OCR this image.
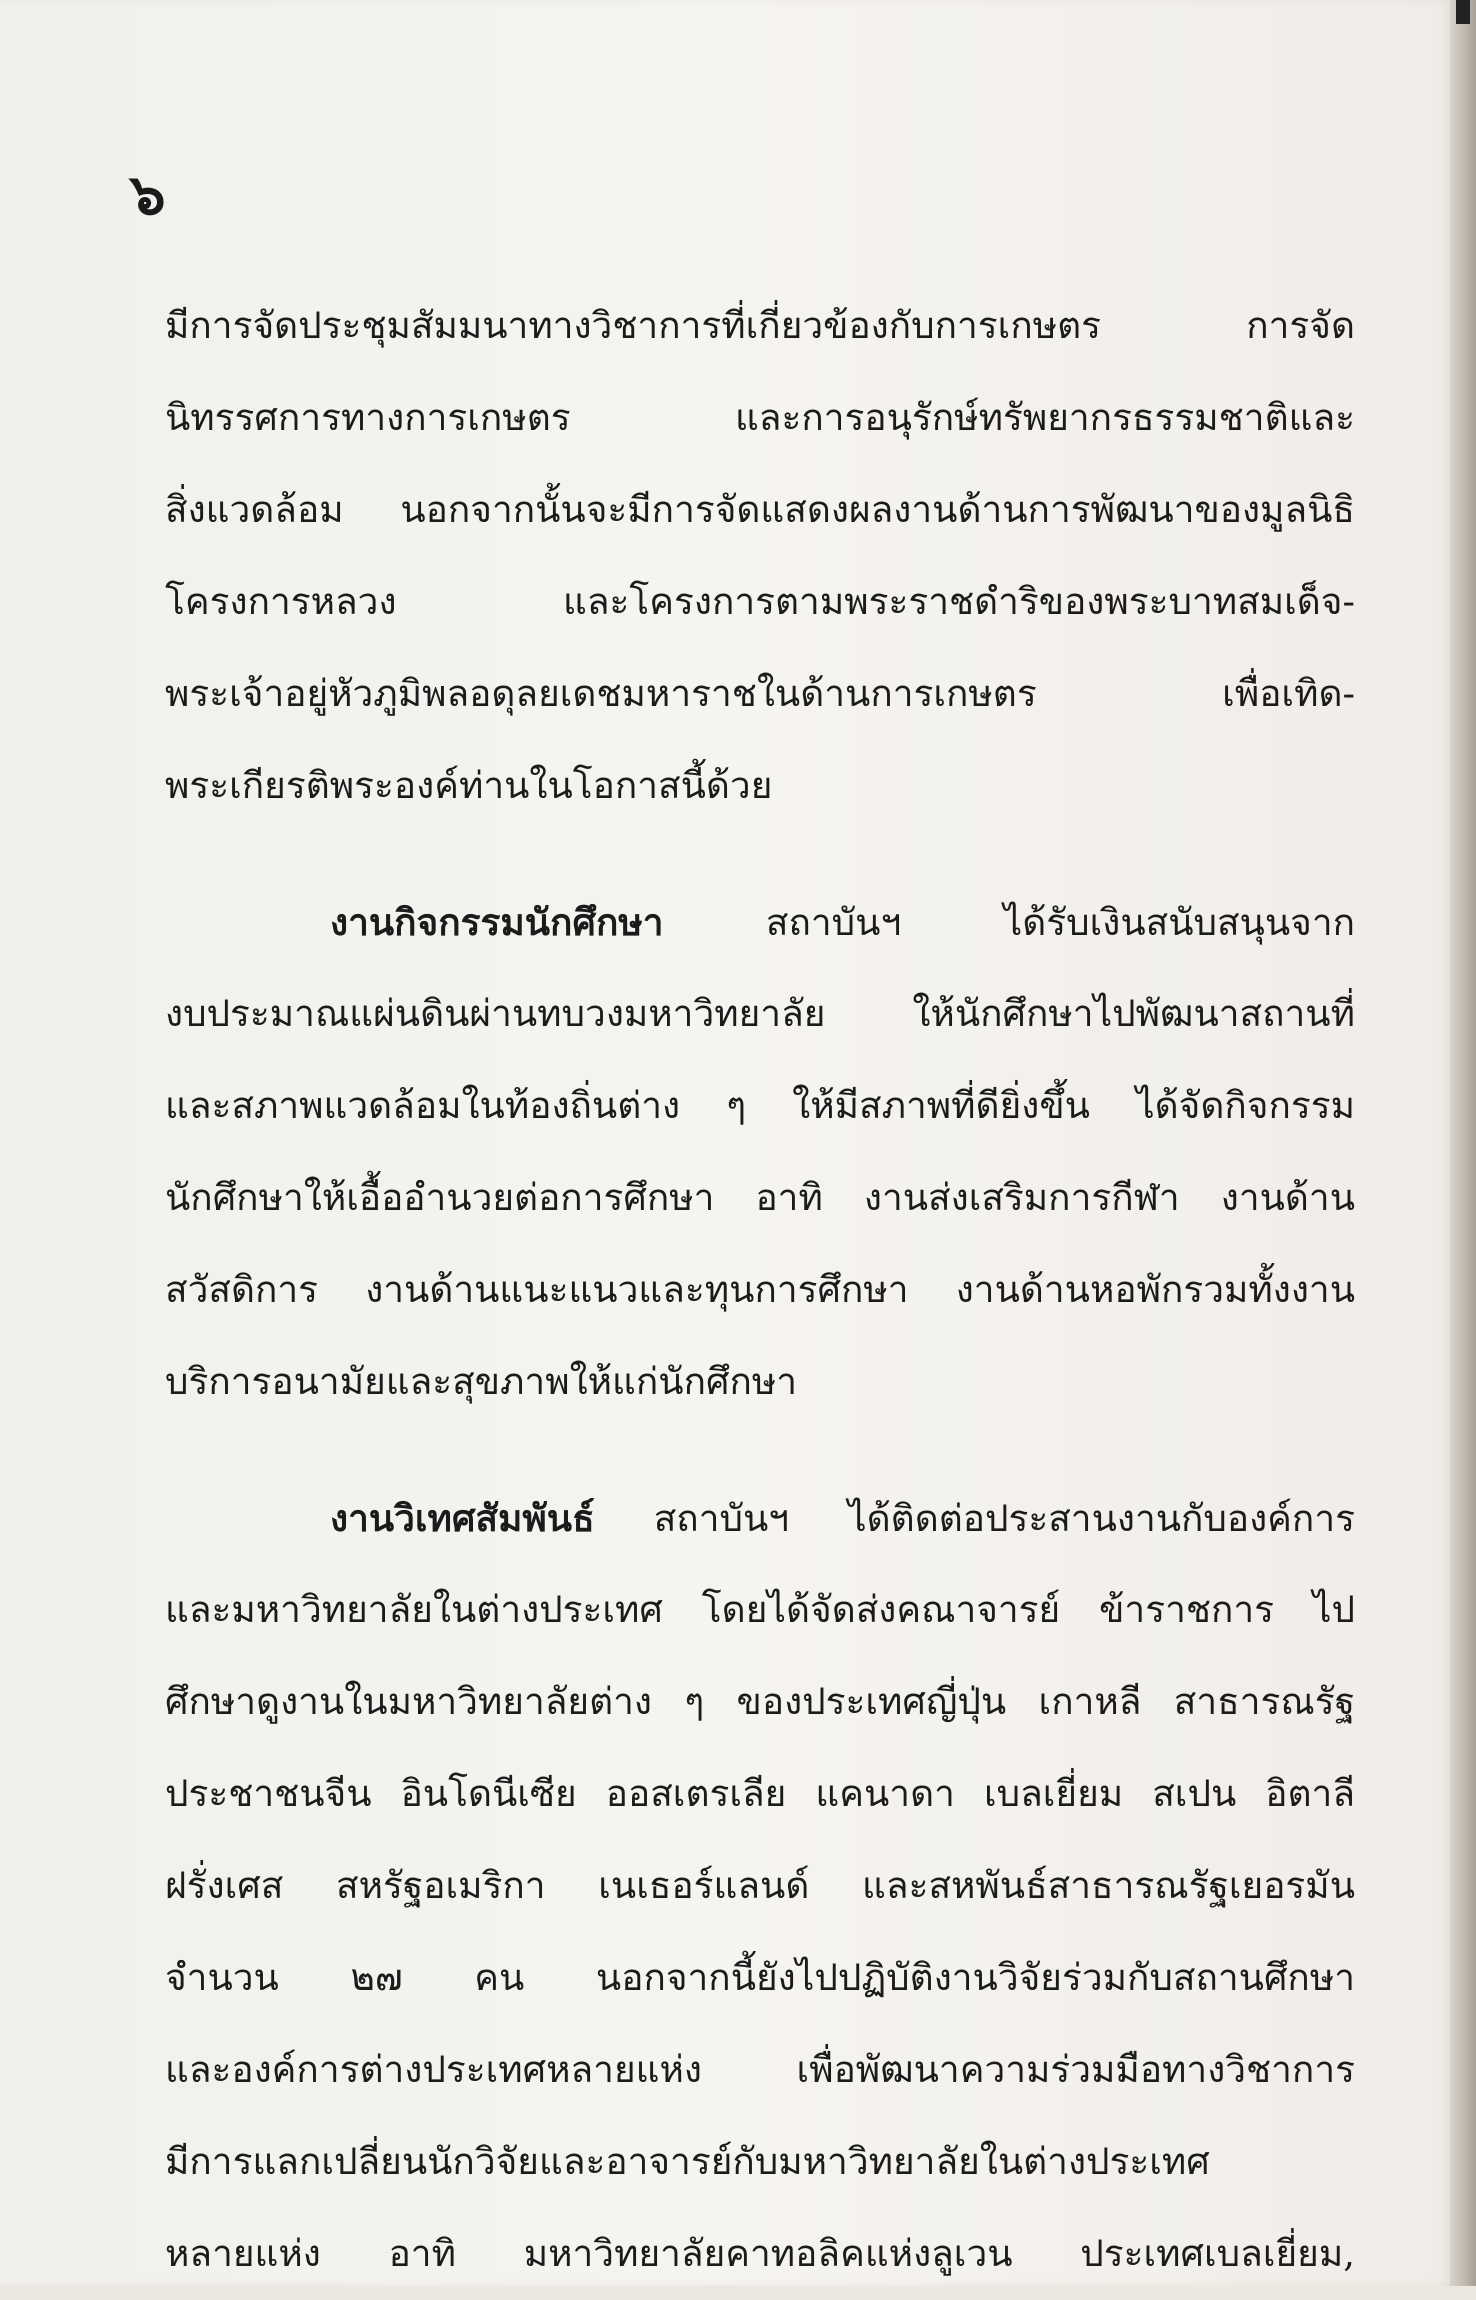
๖
มีการจัดประชุมสัมมนาทางวิชาการที่เกี่ยวข้องกับการเกษตร การจัด
นิทรรศการทางการเกษตร และการอนุรักษ์ทรัพยากรธรรมชาติและ
สิ่งแวดล้อม นอกจากนั้นจะมีการจัดแสดงผลงานด้านการพัฒนาของมูลนิธิ
โครงการหลวง และโครงการตามพระราชดำริของพระบาทสมเด็จ-
พระเจ้าอยู่หัวภูมิพลอดุลยเดชมหาราชในด้านการเกษตร เพื่อเทิด-
พระเกียรติพระองค์ท่านในโอกาสนี้ด้วย
งานกิจกรรมนักศึกษา สถาบันฯ ได้รับเงินสนับสนุนจาก
งบประมาณแผ่นดินผ่านทบวงมหาวิทยาลัย ให้นักศึกษาไปพัฒนาสถานที่
และสภาพแวดล้อมในท้องถิ่นต่าง ๆ ให้มีสภาพที่ดียิ่งขึ้น ได้จัดกิจกรรม
นักศึกษาให้เอื้ออำนวยต่อการศึกษา อาทิ งานส่งเสริมการกีฬา งานด้าน
สวัสดิการ งานด้านแนะแนวและทุนการศึกษา งานด้านหอพักรวมทั้งงาน
บริการอนามัยและสุขภาพให้แก่นักศึกษา
งานวิเทศสัมพันธ์ สถาบันฯ ได้ติดต่อประสานงานกับองค์การ
และมหาวิทยาลัยในต่างประเทศ โดยได้จัดส่งคณาจารย์ ข้าราชการ ไป
ศึกษาดูงานในมหาวิทยาลัยต่าง ๆ ของประเทศญี่ปุ่น เกาหลี สาธารณรัฐ
ประชาชนจีน อินโดนีเซีย ออสเตรเลีย แคนาดา เบลเยี่ยม สเปน อิตาลี
ฝรั่งเศส สหรัฐอเมริกา เนเธอร์แลนด์ และสหพันธ์สาธารณรัฐเยอรมัน
จำนวน ๒๗ คน นอกจากนี้ยังไปปฏิบัติงานวิจัยร่วมกับสถานศึกษา
และองค์การต่างประเทศหลายแห่ง เพื่อพัฒนาความร่วมมือทางวิชาการ
มีการแลกเปลี่ยนนักวิจัยและอาจารย์กับมหาวิทยาลัยในต่างประเทศ
หลายแห่ง อาทิ มหาวิทยาลัยคาทอลิคแห่งลูเวน ประเทศเบลเยี่ยม,
